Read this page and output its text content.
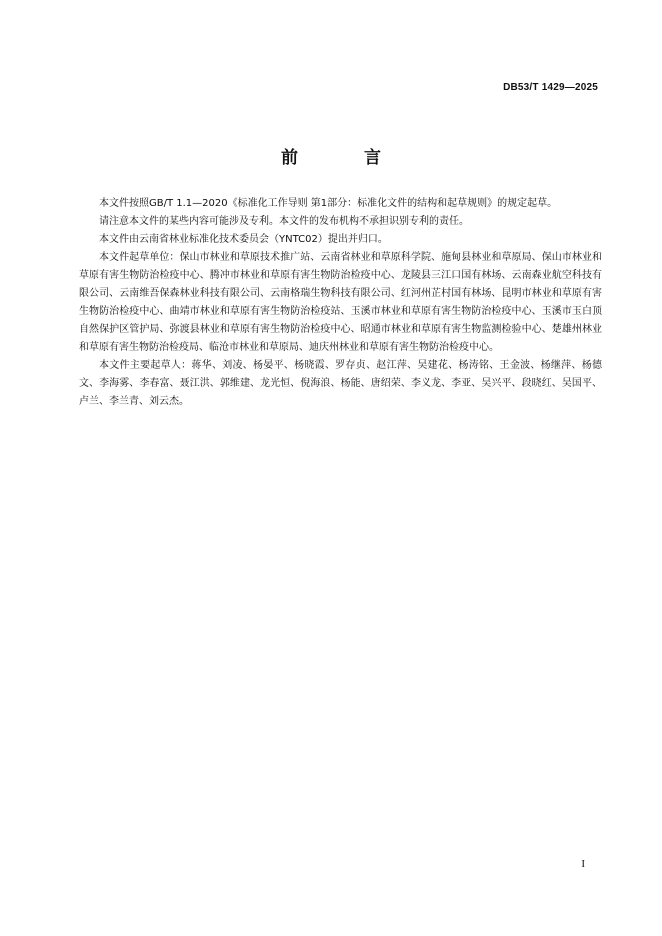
DB53/T 1429—2025
前 言

本文件按照GB/T 1.1—2020《标准化工作导则 第1部分：标准化文件的结构和起草规则》的规定起草。

请注意本文件的某些内容可能涉及专利。本文件的发布机构不承担识别专利的责任。

本文件由云南省林业标准化技术委员会（YNTC02）提出并归口。

本文件起草单位：保山市林业和草原技术推广站、云南省林业和草原科学院、施甸县林业和草原局、保山市林业和草原有害生物防治检疫中心、腾冲市林业和草原有害生物防治检疫中心、龙陵县三江口国有林场、云南森业航空科技有限公司、云南维吾保森林业科技有限公司、云南格瑞生物科技有限公司、红河州芷村国有林场、昆明市林业和草原有害生物防治检疫中心、曲靖市林业和草原有害生物防治检疫站、玉溪市林业和草原有害生物防治检疫中心、玉溪市玉白顶自然保护区管护局、弥渡县林业和草原有害生物防治检疫中心、昭通市林业和草原有害生物监测检验中心、楚雄州林业和草原有害生物防治检疫局、临沧市林业和草原局、迪庆州林业和草原有害生物防治检疫中心。

本文件主要起草人：蒋华、刘凌、杨晏平、杨晓霞、罗存贞、赵江萍、吴建花、杨涛铭、王金波、杨继萍、杨德文、李海雾、李春富、聂江洪、郭维建、龙光恒、倪海浪、杨能、唐绍荣、李义龙、李亚、吴兴平、段晓红、吴国平、卢兰、李兰青、刘云杰。

I
